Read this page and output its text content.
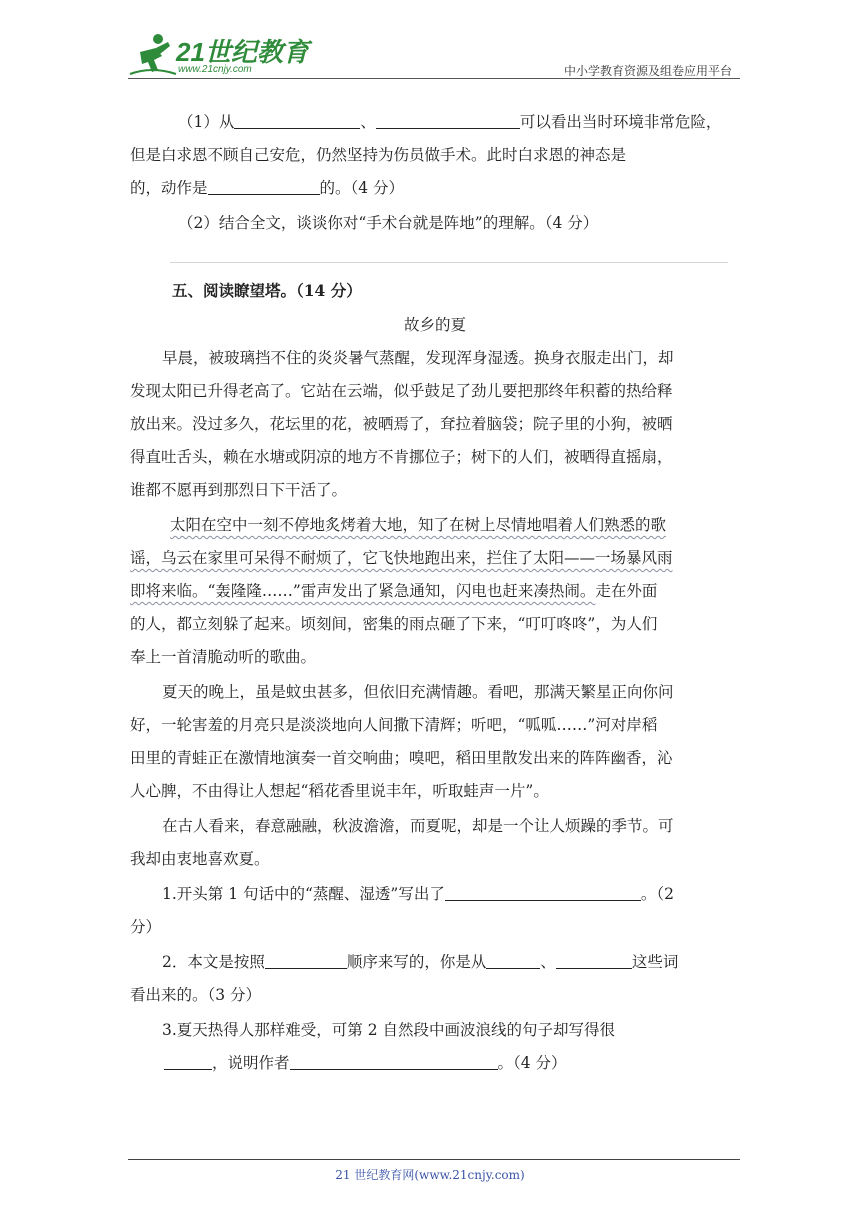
21世纪教育
www.21cnjy.com	中小学教育资源及组卷应用平台
（1）从	、	可以看出当时环境非常危险，
但是白求恩不顾自己安危，仍然坚持为伤员做手术。此时白求恩的神态是
的，动作是	的。（4 分）
（2）结合全文，谈谈你对“手术台就是阵地”的理解。（4 分）
五、阅读瞭望塔。（14 分）
故乡的夏
早晨，被玻璃挡不住的炎炎暑气蒸醒，发现浑身湿透。换身衣服走出门，却
发现太阳已升得老高了。它站在云端，似乎鼓足了劲儿要把那终年积蓄的热给释
放出来。没过多久，花坛里的花，被晒焉了，耷拉着脑袋；院子里的小狗，被晒
得直吐舌头，赖在水塘或阴凉的地方不肯挪位子；树下的人们，被晒得直摇扇，
谁都不愿再到那烈日下干活了。
太阳在空中一刻不停地炙烤着大地，知了在树上尽情地唱着人们熟悉的歌
谣，乌云在家里可呆得不耐烦了，它飞快地跑出来，拦住了太阳——一场暴风雨
即将来临。“轰隆隆……”雷声发出了紧急通知，闪电也赶来凑热闹。走在外面
的人，都立刻躲了起来。顷刻间，密集的雨点砸了下来，“叮叮咚咚”，为人们
奉上一首清脆动听的歌曲。
夏天的晚上，虽是蚊虫甚多，但依旧充满情趣。看吧，那满天繁星正向你问
好，一轮害羞的月亮只是淡淡地向人间撒下清辉；听吧，“呱呱……”河对岸稻
田里的青蛙正在激情地演奏一首交响曲；嗅吧，稻田里散发出来的阵阵幽香，沁
人心脾，不由得让人想起“稻花香里说丰年，听取蛙声一片”。
在古人看来，春意融融，秋波澹澹，而夏呢，却是一个让人烦躁的季节。可
我却由衷地喜欢夏。
1.开头第 1 句话中的“蒸醒、湿透”写出了	。（2
分）
2．本文是按照	顺序来写的，你是从	、	这些词
看出来的。（3 分）
3.夏天热得人那样难受，可第 2 自然段中画波浪线的句子却写得很
，说明作者	。（4 分）
21 世纪教育网(www.21cnjy.com)
